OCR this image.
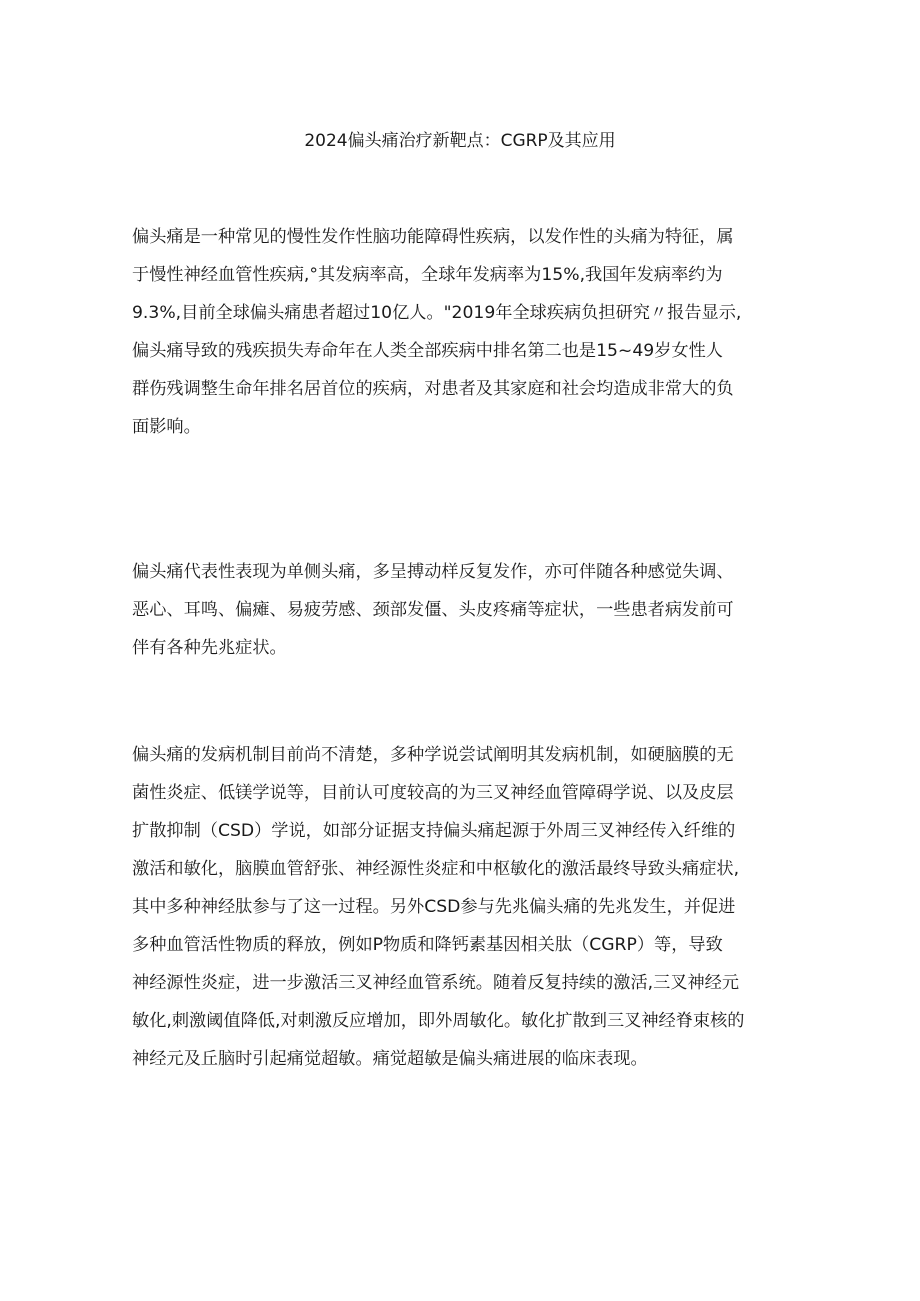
2024偏头痛治疗新靶点：CGRP及其应用
偏头痛是一种常见的慢性发作性脑功能障碍性疾病，以发作性的头痛为特征，属
于慢性神经血管性疾病,°其发病率高，全球年发病率为15%,我国年发病率约为
9.3%,目前全球偏头痛患者超过10亿人。"2019年全球疾病负担研究〃报告显示,
偏头痛导致的残疾损失寿命年在人类全部疾病中排名第二也是15~49岁女性人
群伤残调整生命年排名居首位的疾病，对患者及其家庭和社会均造成非常大的负
面影响。
偏头痛代表性表现为单侧头痛，多呈搏动样反复发作，亦可伴随各种感觉失调、
恶心、耳鸣、偏瘫、易疲劳感、颈部发僵、头皮疼痛等症状，一些患者病发前可
伴有各种先兆症状。
偏头痛的发病机制目前尚不清楚，多种学说尝试阐明其发病机制，如硬脑膜的无
菌性炎症、低镁学说等，目前认可度较高的为三叉神经血管障碍学说、以及皮层
扩散抑制（CSD）学说，如部分证据支持偏头痛起源于外周三叉神经传入纤维的
激活和敏化，脑膜血管舒张、神经源性炎症和中枢敏化的激活最终导致头痛症状,
其中多种神经肽参与了这一过程。另外CSD参与先兆偏头痛的先兆发生，并促进
多种血管活性物质的释放，例如P物质和降钙素基因相关肽（CGRP）等，导致
神经源性炎症，进一步激活三叉神经血管系统。随着反复持续的激活,三叉神经元
敏化,刺激阈值降低,对刺激反应增加，即外周敏化。敏化扩散到三叉神经脊束核的
神经元及丘脑时引起痛觉超敏。痛觉超敏是偏头痛进展的临床表现。
